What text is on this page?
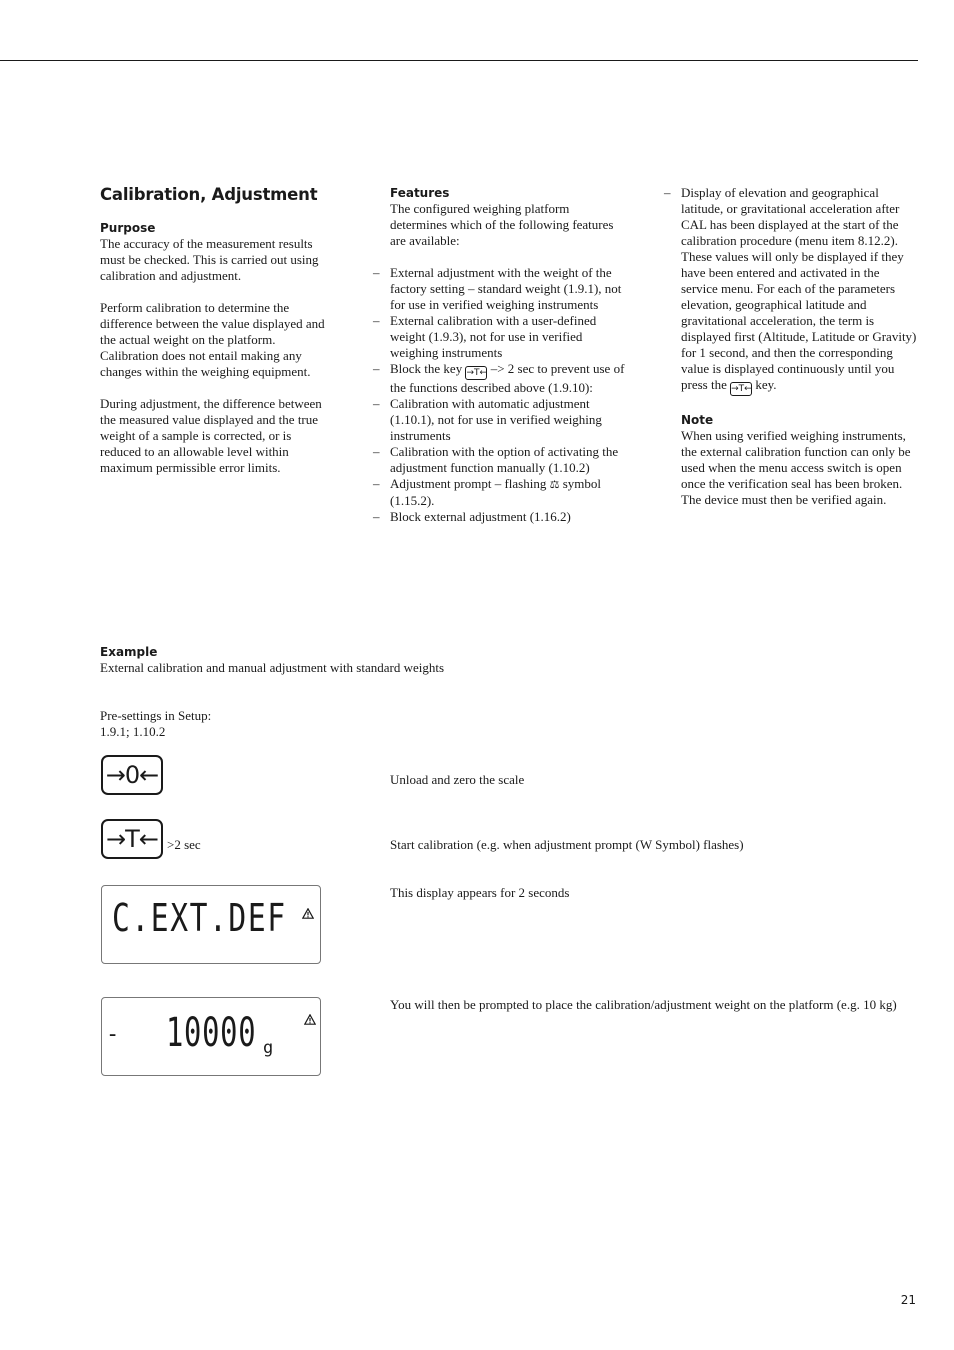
Calibration, Adjustment
Purpose

The accuracy of the measurement results must be checked. This is carried out using calibration and adjustment.

Perform calibration to determine the difference between the value displayed and the actual weight on the platform. Calibration does not entail making any changes within the weighing equipment.

During adjustment, the difference between the measured value displayed and the true weight of a sample is corrected, or is reduced to an allowable level within maximum permissible error limits.

Features

The configured weighing platform determines which of the following features are available:

– External adjustment with the weight of the factory setting – standard weight (1.9.1), not for use in verified weighing instruments
– External calibration with a user-defined weight (1.9.3), not for use in verified weighing instruments
– Block the key →T← –> 2 sec to prevent use of the functions described above (1.9.10):
– Calibration with automatic adjustment (1.10.1), not for use in verified weighing instruments
– Calibration with the option of activating the adjustment function manually (1.10.2)
– Adjustment prompt – flashing ⚖ symbol (1.15.2).
– Block external adjustment (1.16.2)
– Display of elevation and geographical latitude, or gravitational acceleration after CAL has been displayed at the start of the calibration procedure (menu item 8.12.2). These values will only be displayed if they have been entered and activated in the service menu. For each of the parameters elevation, geographical latitude and gravitational acceleration, the term is displayed first (Altitude, Latitude or Gravity) for 1 second, and then the corresponding value is displayed continuously until you press the →T← key.
Note

When using verified weighing instruments, the external calibration function can only be used when the menu access switch is open once the verification seal has been broken. The device must then be verified again.

Example

External calibration and manual adjustment with standard weights

Pre-settings in Setup:

1.9.1; 1.10.2

→0←	Unload and zero the scale

→T← >2 sec	Start calibration (e.g. when adjustment prompt (W Symbol) flashes)

C.EXT.DEF

This display appears for 2 seconds

- 10000 g

You will then be prompted to place the calibration/adjustment weight on the platform (e.g. 10 kg)

21
